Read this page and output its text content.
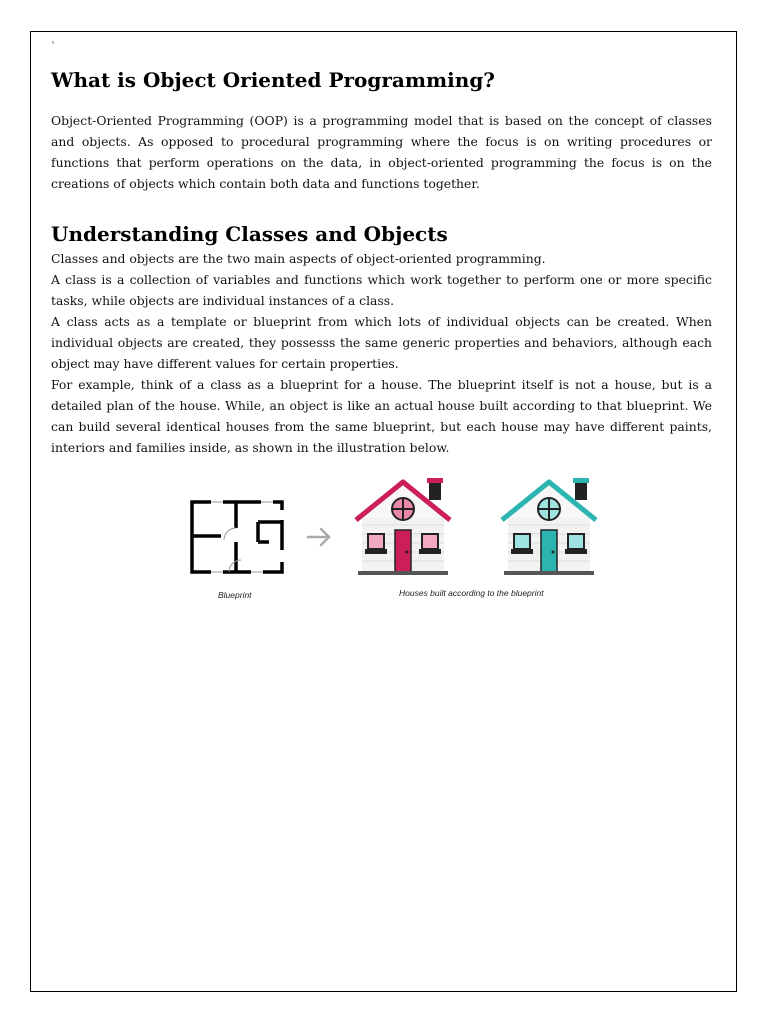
`
What is Object Oriented Programming?

Object-Oriented Programming (OOP) is a programming model that is based on the concept of classes and objects. As opposed to procedural programming where the focus is on writing procedures or functions that perform operations on the data, in object-oriented programming the focus is on the creations of objects which contain both data and functions together.

Understanding Classes and Objects

Classes and objects are the two main aspects of object-oriented programming.

A class is a collection of variables and functions which work together to perform one or more specific tasks, while objects are individual instances of a class.

A class acts as a template or blueprint from which lots of individual objects can be created. When individual objects are created, they possesss the same generic properties and behaviors, although each object may have different values for certain properties.

For example, think of a class as a blueprint for a house. The blueprint itself is not a house, but is a detailed plan of the house. While, an object is like an actual house built according to that blueprint. We can build several identical houses from the same blueprint, but each house may have different paints, interiors and families inside, as shown in the illustration below.

Blueprint	Houses built according to the blueprint
